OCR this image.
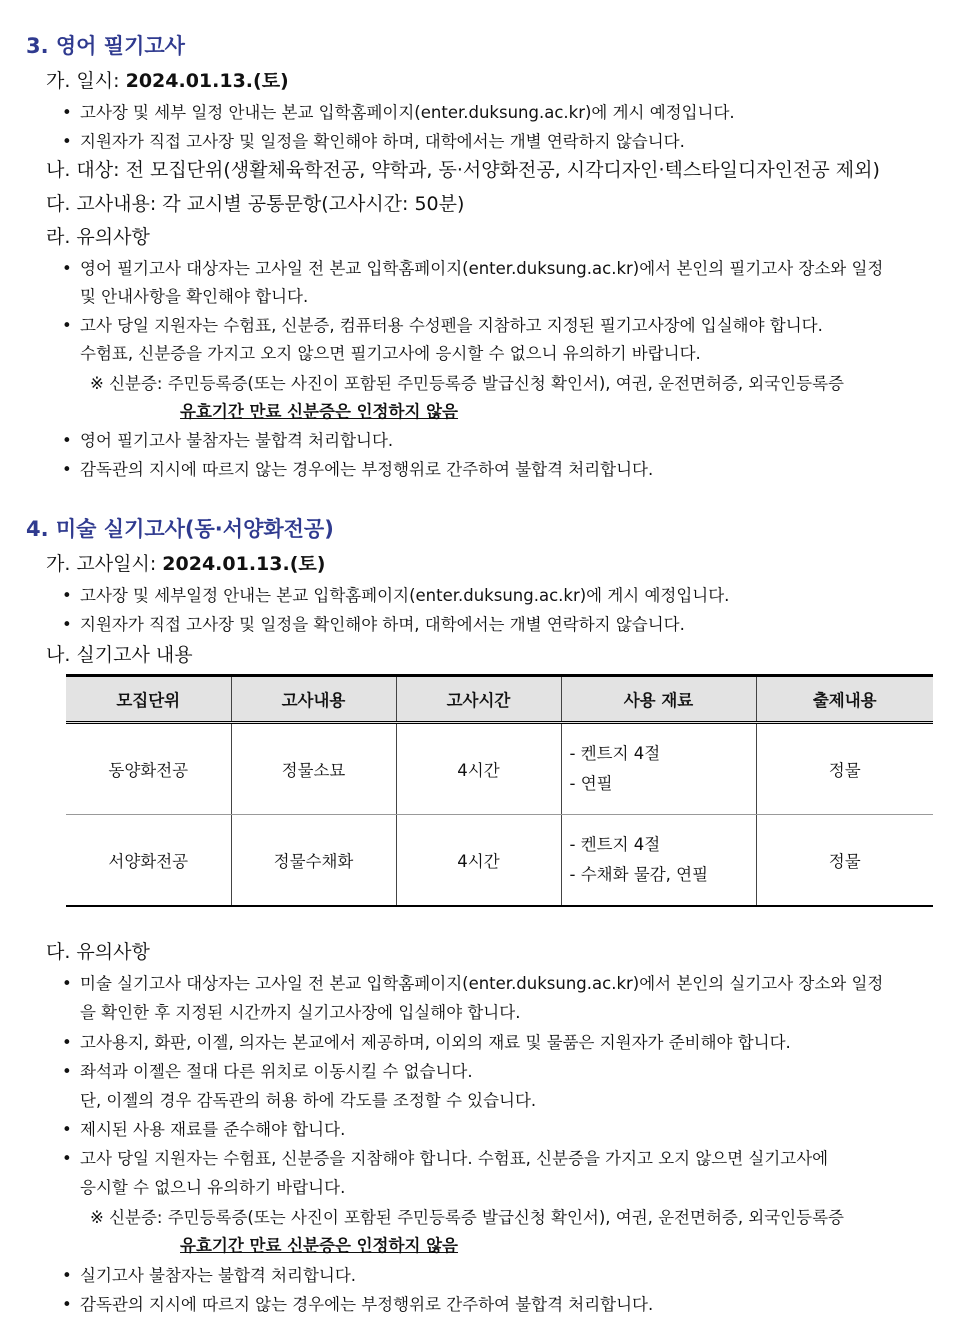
3. 영어 필기고사
가. 일시: 2024.01.13.(토)
• 고사장 및 세부 일정 안내는 본교 입학홈페이지(enter.duksung.ac.kr)에 게시 예정입니다.
• 지원자가 직접 고사장 및 일정을 확인해야 하며, 대학에서는 개별 연락하지 않습니다.
나. 대상: 전 모집단위(생활체육학전공, 약학과, 동·서양화전공, 시각디자인·텍스타일디자인전공 제외)
다. 고사내용: 각 교시별 공통문항(고사시간: 50분)
라. 유의사항
• 영어 필기고사 대상자는 고사일 전 본교 입학홈페이지(enter.duksung.ac.kr)에서 본인의 필기고사 장소와 일정
및 안내사항을 확인해야 합니다.
• 고사 당일 지원자는 수험표, 신분증, 컴퓨터용 수성펜을 지참하고 지정된 필기고사장에 입실해야 합니다.
수험표, 신분증을 가지고 오지 않으면 필기고사에 응시할 수 없으니 유의하기 바랍니다.
※ 신분증: 주민등록증(또는 사진이 포함된 주민등록증 발급신청 확인서), 여권, 운전면허증, 외국인등록증
유효기간 만료 신분증은 인정하지 않음
• 영어 필기고사 불참자는 불합격 처리합니다.
• 감독관의 지시에 따르지 않는 경우에는 부정행위로 간주하여 불합격 처리합니다.
4. 미술 실기고사(동·서양화전공)
가. 고사일시: 2024.01.13.(토)
• 고사장 및 세부일정 안내는 본교 입학홈페이지(enter.duksung.ac.kr)에 게시 예정입니다.
• 지원자가 직접 고사장 및 일정을 확인해야 하며, 대학에서는 개별 연락하지 않습니다.
나. 실기고사 내용
모집단위	고사내용	고사시간	사용 재료	출제내용
동양화전공	정물소묘	4시간	- 켄트지 4절
- 연필	정물
서양화전공	정물수채화	4시간	- 켄트지 4절
- 수채화 물감, 연필	정물
다. 유의사항
• 미술 실기고사 대상자는 고사일 전 본교 입학홈페이지(enter.duksung.ac.kr)에서 본인의 실기고사 장소와 일정
을 확인한 후 지정된 시간까지 실기고사장에 입실해야 합니다.
• 고사용지, 화판, 이젤, 의자는 본교에서 제공하며, 이외의 재료 및 물품은 지원자가 준비해야 합니다.
• 좌석과 이젤은 절대 다른 위치로 이동시킬 수 없습니다.
단, 이젤의 경우 감독관의 허용 하에 각도를 조정할 수 있습니다.
• 제시된 사용 재료를 준수해야 합니다.
• 고사 당일 지원자는 수험표, 신분증을 지참해야 합니다. 수험표, 신분증을 가지고 오지 않으면 실기고사에
응시할 수 없으니 유의하기 바랍니다.
※ 신분증: 주민등록증(또는 사진이 포함된 주민등록증 발급신청 확인서), 여권, 운전면허증, 외국인등록증
유효기간 만료 신분증은 인정하지 않음
• 실기고사 불참자는 불합격 처리합니다.
• 감독관의 지시에 따르지 않는 경우에는 부정행위로 간주하여 불합격 처리합니다.
